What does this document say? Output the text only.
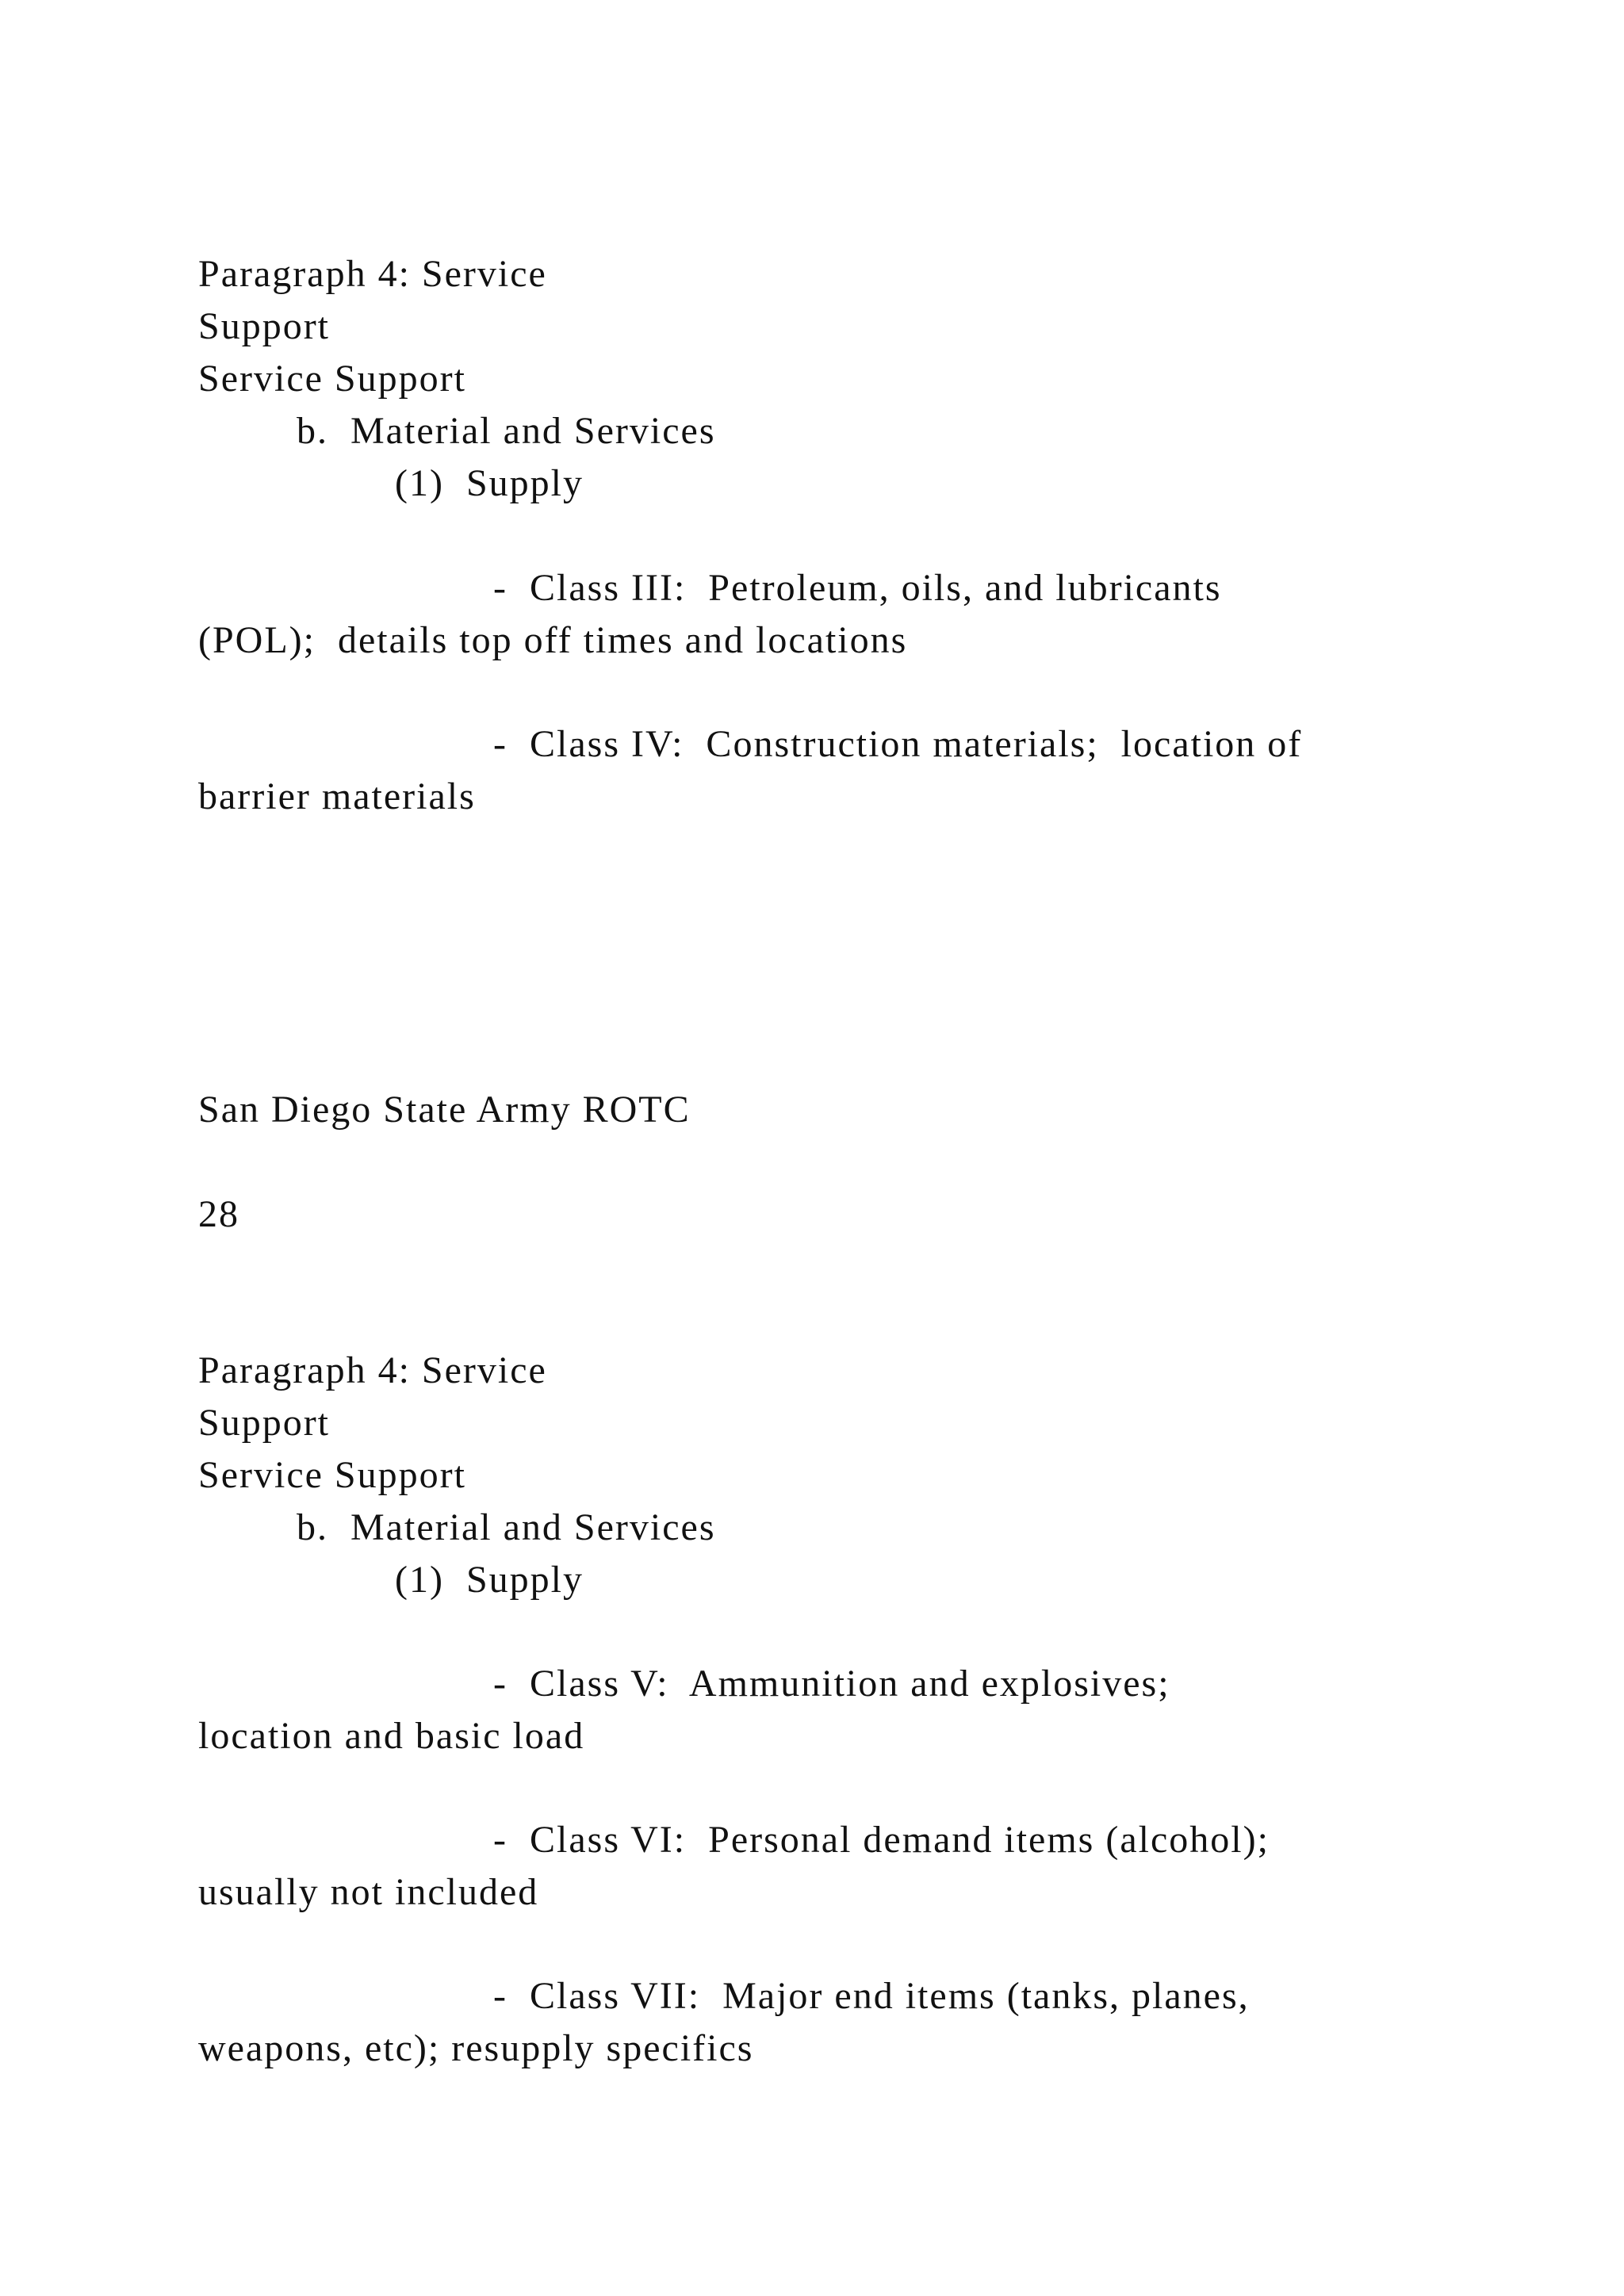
Paragraph 4: Service
Support
Service Support
b.  Material and Services
(1)  Supply
-  Class III:  Petroleum, oils, and lubricants
(POL);  details top off times and locations
-  Class IV:  Construction materials;  location of
barrier materials
San Diego State Army ROTC
28
Paragraph 4: Service
Support
Service Support
b.  Material and Services
(1)  Supply
-  Class V:  Ammunition and explosives;
location and basic load
-  Class VI:  Personal demand items (alcohol);
usually not included
-  Class VII:  Major end items (tanks, planes,
weapons, etc); resupply specifics
